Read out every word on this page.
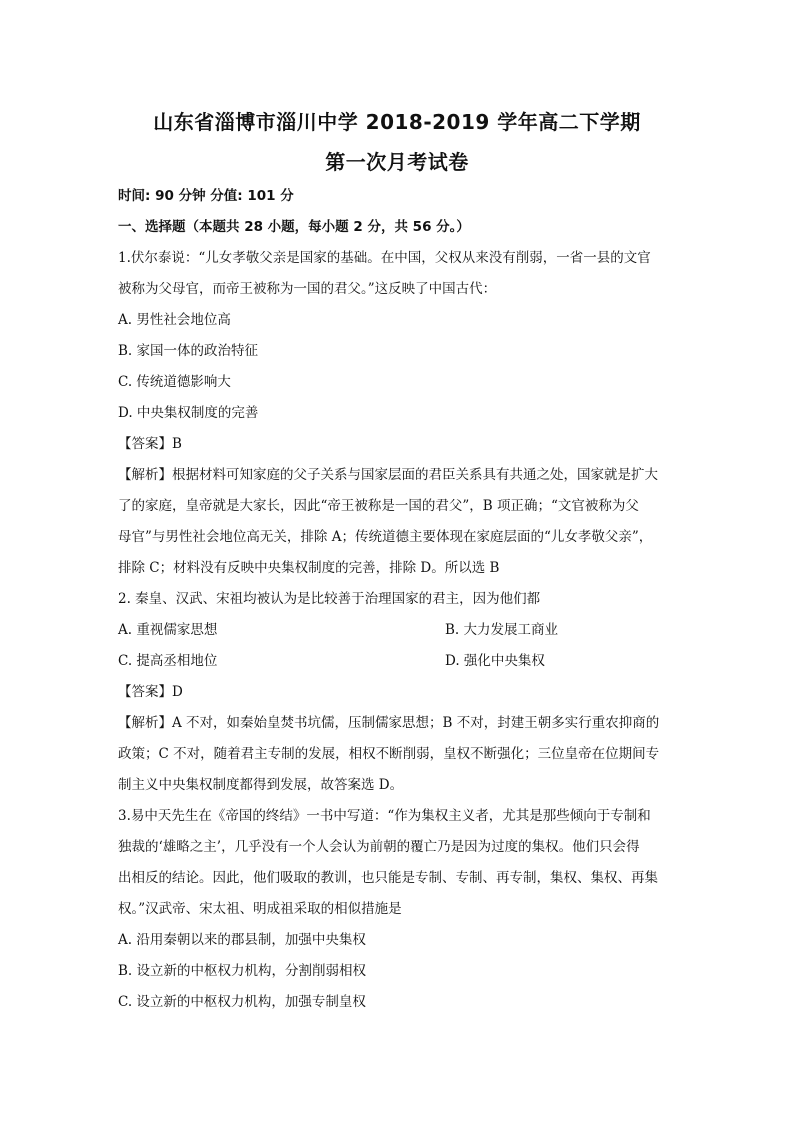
山东省淄博市淄川中学 2018-2019 学年高二下学期
第一次月考试卷
时间: 90 分钟 分值: 101 分
一、选择题（本题共 28 小题，每小题 2 分，共 56 分。）
1.伏尔泰说：“儿女孝敬父亲是国家的基础。在中国，父权从来没有削弱，一省一县的文官
被称为父母官，而帝王被称为一国的君父。”这反映了中国古代：
A. 男性社会地位高
B. 家国一体的政治特征
C. 传统道德影响大
D. 中央集权制度的完善
【答案】B
【解析】根据材料可知家庭的父子关系与国家层面的君臣关系具有共通之处，国家就是扩大
了的家庭，皇帝就是大家长，因此“帝王被称是一国的君父”，B 项正确；“文官被称为父
母官”与男性社会地位高无关，排除 A；传统道德主要体现在家庭层面的“儿女孝敬父亲”，
排除 C；材料没有反映中央集权制度的完善，排除 D。所以选 B
2. 秦皇、汉武、宋祖均被认为是比较善于治理国家的君主，因为他们都
A. 重视儒家思想	B. 大力发展工商业
C. 提高丞相地位	D. 强化中央集权
【答案】D
【解析】A 不对，如秦始皇焚书坑儒，压制儒家思想；B 不对，封建王朝多实行重农抑商的
政策；C 不对，随着君主专制的发展，相权不断削弱，皇权不断强化；三位皇帝在位期间专
制主义中央集权制度都得到发展，故答案选 D。
3.易中天先生在《帝国的终结》一书中写道：“作为集权主义者，尤其是那些倾向于专制和
独裁的‘雄略之主’，几乎没有一个人会认为前朝的覆亡乃是因为过度的集权。他们只会得
出相反的结论。因此，他们吸取的教训，也只能是专制、专制、再专制，集权、集权、再集
权。”汉武帝、宋太祖、明成祖采取的相似措施是
A. 沿用秦朝以来的郡县制，加强中央集权
B. 设立新的中枢权力机构，分割削弱相权
C. 设立新的中枢权力机构，加强专制皇权
